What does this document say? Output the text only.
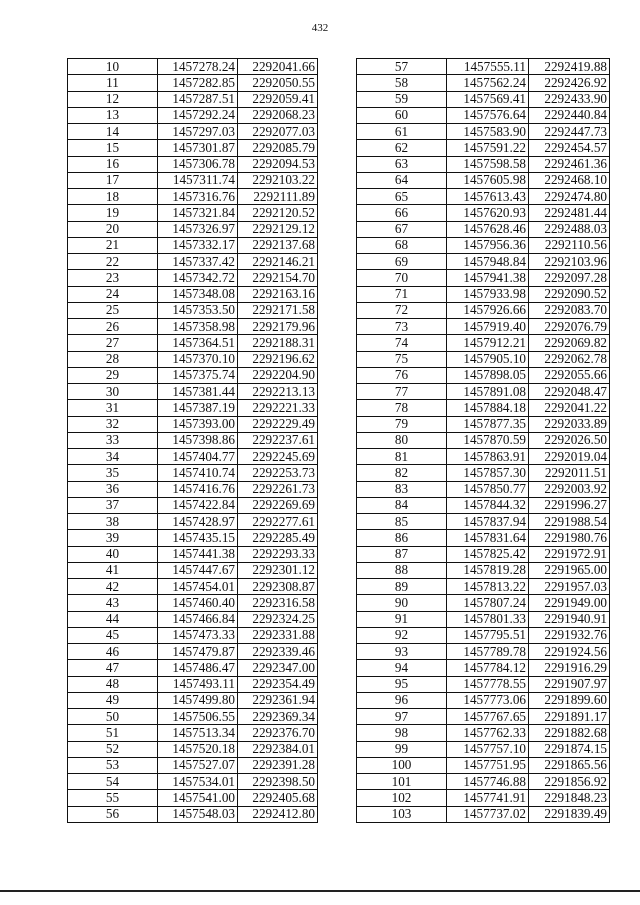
432
10	1457278.24	2292041.66
11	1457282.85	2292050.55
12	1457287.51	2292059.41
13	1457292.24	2292068.23
14	1457297.03	2292077.03
15	1457301.87	2292085.79
16	1457306.78	2292094.53
17	1457311.74	2292103.22
18	1457316.76	2292111.89
19	1457321.84	2292120.52
20	1457326.97	2292129.12
21	1457332.17	2292137.68
22	1457337.42	2292146.21
23	1457342.72	2292154.70
24	1457348.08	2292163.16
25	1457353.50	2292171.58
26	1457358.98	2292179.96
27	1457364.51	2292188.31
28	1457370.10	2292196.62
29	1457375.74	2292204.90
30	1457381.44	2292213.13
31	1457387.19	2292221.33
32	1457393.00	2292229.49
33	1457398.86	2292237.61
34	1457404.77	2292245.69
35	1457410.74	2292253.73
36	1457416.76	2292261.73
37	1457422.84	2292269.69
38	1457428.97	2292277.61
39	1457435.15	2292285.49
40	1457441.38	2292293.33
41	1457447.67	2292301.12
42	1457454.01	2292308.87
43	1457460.40	2292316.58
44	1457466.84	2292324.25
45	1457473.33	2292331.88
46	1457479.87	2292339.46
47	1457486.47	2292347.00
48	1457493.11	2292354.49
49	1457499.80	2292361.94
50	1457506.55	2292369.34
51	1457513.34	2292376.70
52	1457520.18	2292384.01
53	1457527.07	2292391.28
54	1457534.01	2292398.50
55	1457541.00	2292405.68
56	1457548.03	2292412.80
57	1457555.11	2292419.88
58	1457562.24	2292426.92
59	1457569.41	2292433.90
60	1457576.64	2292440.84
61	1457583.90	2292447.73
62	1457591.22	2292454.57
63	1457598.58	2292461.36
64	1457605.98	2292468.10
65	1457613.43	2292474.80
66	1457620.93	2292481.44
67	1457628.46	2292488.03
68	1457956.36	2292110.56
69	1457948.84	2292103.96
70	1457941.38	2292097.28
71	1457933.98	2292090.52
72	1457926.66	2292083.70
73	1457919.40	2292076.79
74	1457912.21	2292069.82
75	1457905.10	2292062.78
76	1457898.05	2292055.66
77	1457891.08	2292048.47
78	1457884.18	2292041.22
79	1457877.35	2292033.89
80	1457870.59	2292026.50
81	1457863.91	2292019.04
82	1457857.30	2292011.51
83	1457850.77	2292003.92
84	1457844.32	2291996.27
85	1457837.94	2291988.54
86	1457831.64	2291980.76
87	1457825.42	2291972.91
88	1457819.28	2291965.00
89	1457813.22	2291957.03
90	1457807.24	2291949.00
91	1457801.33	2291940.91
92	1457795.51	2291932.76
93	1457789.78	2291924.56
94	1457784.12	2291916.29
95	1457778.55	2291907.97
96	1457773.06	2291899.60
97	1457767.65	2291891.17
98	1457762.33	2291882.68
99	1457757.10	2291874.15
100	1457751.95	2291865.56
101	1457746.88	2291856.92
102	1457741.91	2291848.23
103	1457737.02	2291839.49
